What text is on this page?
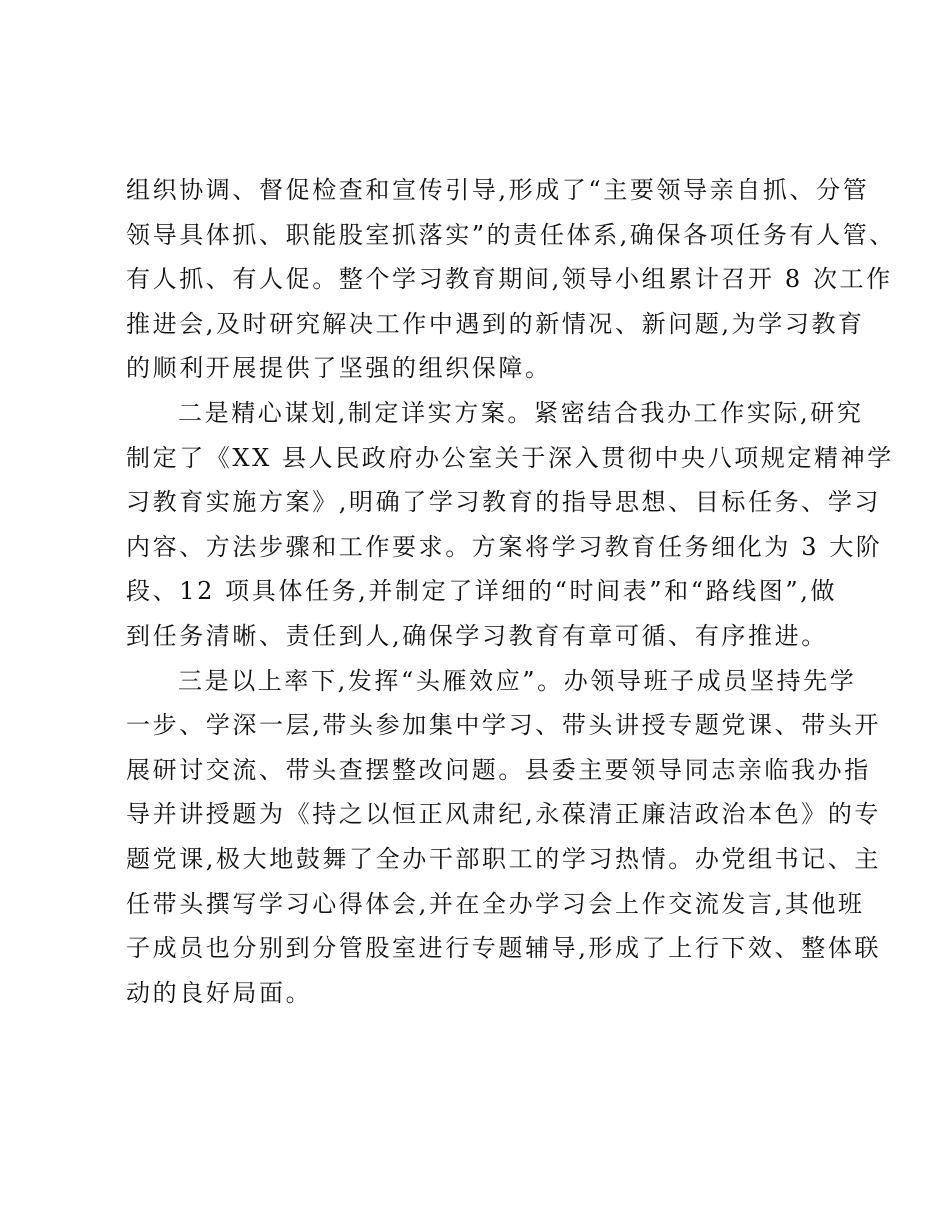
组织协调、督促检查和宣传引导,形成了“主要领导亲自抓、分管
领导具体抓、职能股室抓落实”的责任体系,确保各项任务有人管、
有人抓、有人促。整个学习教育期间,领导小组累计召开 8 次工作
推进会,及时研究解决工作中遇到的新情况、新问题,为学习教育
的顺利开展提供了坚强的组织保障。
二是精心谋划,制定详实方案。紧密结合我办工作实际,研究
制定了《XX 县人民政府办公室关于深入贯彻中央八项规定精神学
习教育实施方案》,明确了学习教育的指导思想、目标任务、学习
内容、方法步骤和工作要求。方案将学习教育任务细化为 3 大阶
段、12 项具体任务,并制定了详细的“时间表”和“路线图”,做
到任务清晰、责任到人,确保学习教育有章可循、有序推进。
三是以上率下,发挥“头雁效应”。办领导班子成员坚持先学
一步、学深一层,带头参加集中学习、带头讲授专题党课、带头开
展研讨交流、带头查摆整改问题。县委主要领导同志亲临我办指
导并讲授题为《持之以恒正风肃纪,永葆清正廉洁政治本色》的专
题党课,极大地鼓舞了全办干部职工的学习热情。办党组书记、主
任带头撰写学习心得体会,并在全办学习会上作交流发言,其他班
子成员也分别到分管股室进行专题辅导,形成了上行下效、整体联
动的良好局面。
